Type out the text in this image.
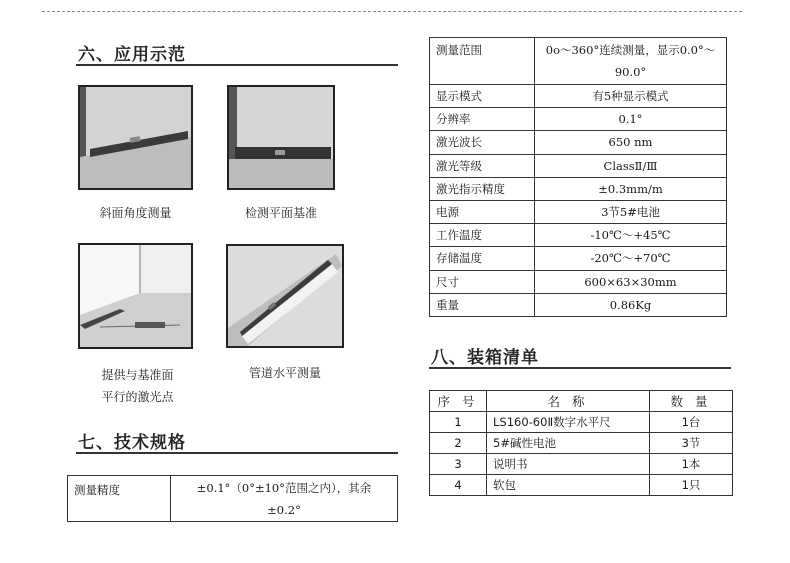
六、应用示范
斜面角度测量	检测平面基准
提供与基准面
平行的激光点
管道水平测量
七、技术规格
测量精度	±0.1°（0°±10°范围之内），其余
±0.2°
测量范围	0o～360°连续测量，显示0.0°～
90.0°

显示模式	有5种显示模式
分辨率	0.1°
激光波长	650 nm
激光等级	ClassⅡ/Ⅲ
激光指示精度	±0.3mm/m
电源	3节5#电池
工作温度	-10℃～+45℃
存储温度	-20℃～+70℃
尺寸	600×63×30mm
重量	0.86Kg
八、装箱清单
序 号	名 称	数 量
1	LS160-60Ⅱ数字水平尺	1台
2	5#碱性电池	3节
3	说明书	1本
4	软包	1只
